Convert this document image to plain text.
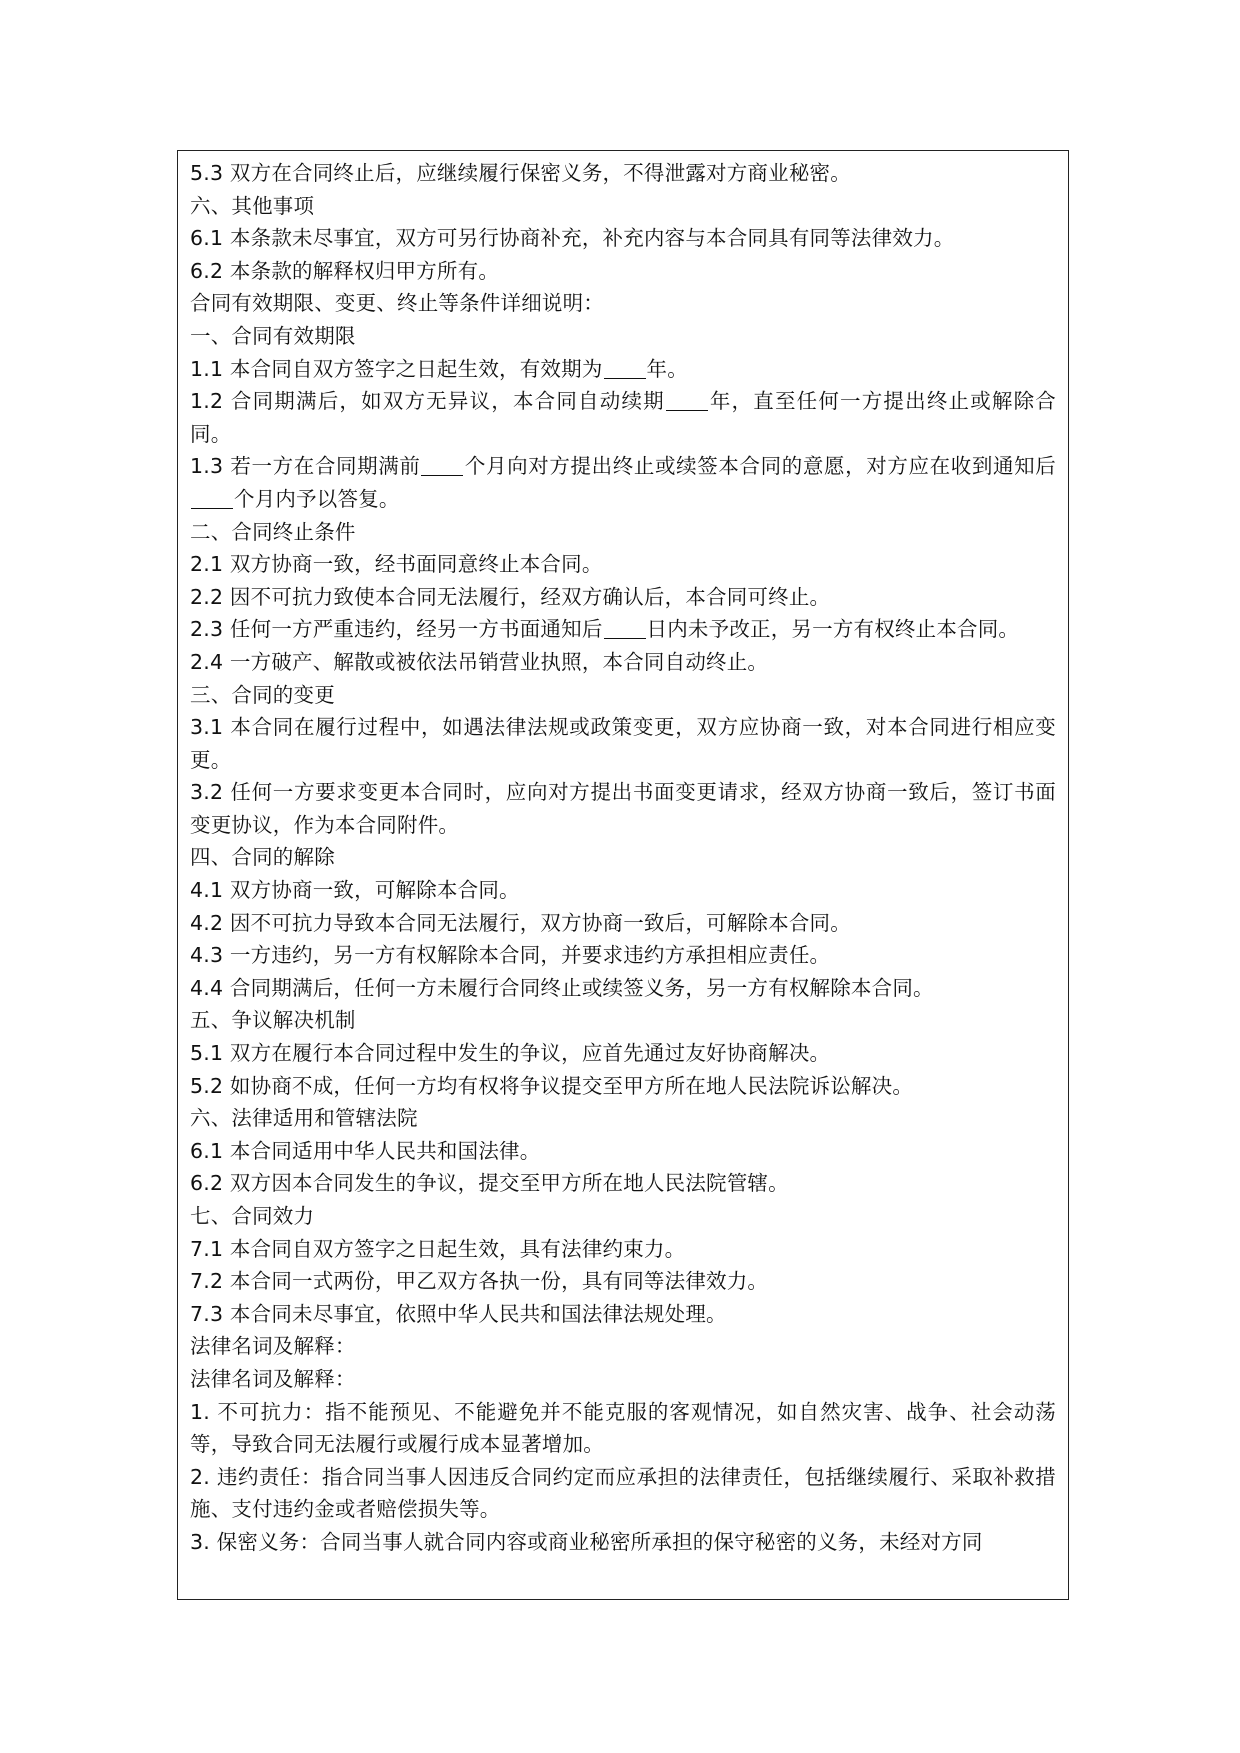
5.3 双方在合同终止后，应继续履行保密义务，不得泄露对方商业秘密。
六、其他事项
6.1 本条款未尽事宜，双方可另行协商补充，补充内容与本合同具有同等法律效力。
6.2 本条款的解释权归甲方所有。
合同有效期限、变更、终止等条件详细说明：
一、合同有效期限
1.1 本合同自双方签字之日起生效，有效期为 年。
1.2 合同期满后，如双方无异议，本合同自动续期 年，直至任何一方提出终止或解除合同。
1.3 若一方在合同期满前 个月向对方提出终止或续签本合同的意愿，对方应在收到通知后个月内予以答复。
二、合同终止条件
2.1 双方协商一致，经书面同意终止本合同。
2.2 因不可抗力致使本合同无法履行，经双方确认后，本合同可终止。
2.3 任何一方严重违约，经另一方书面通知后 日内未予改正，另一方有权终止本合同。
2.4 一方破产、解散或被依法吊销营业执照，本合同自动终止。
三、合同的变更
3.1 本合同在履行过程中，如遇法律法规或政策变更，双方应协商一致，对本合同进行相应变更。
3.2 任何一方要求变更本合同时，应向对方提出书面变更请求，经双方协商一致后，签订书面变更协议，作为本合同附件。
四、合同的解除
4.1 双方协商一致，可解除本合同。
4.2 因不可抗力导致本合同无法履行，双方协商一致后，可解除本合同。
4.3 一方违约，另一方有权解除本合同，并要求违约方承担相应责任。
4.4 合同期满后，任何一方未履行合同终止或续签义务，另一方有权解除本合同。
五、争议解决机制
5.1 双方在履行本合同过程中发生的争议，应首先通过友好协商解决。
5.2 如协商不成，任何一方均有权将争议提交至甲方所在地人民法院诉讼解决。
六、法律适用和管辖法院
6.1 本合同适用中华人民共和国法律。
6.2 双方因本合同发生的争议，提交至甲方所在地人民法院管辖。
七、合同效力
7.1 本合同自双方签字之日起生效，具有法律约束力。
7.2 本合同一式两份，甲乙双方各执一份，具有同等法律效力。
7.3 本合同未尽事宜，依照中华人民共和国法律法规处理。
法律名词及解释：
法律名词及解释：
1. 不可抗力：指不能预见、不能避免并不能克服的客观情况，如自然灾害、战争、社会动荡等，导致合同无法履行或履行成本显著增加。
2. 违约责任：指合同当事人因违反合同约定而应承担的法律责任，包括继续履行、采取补救措施、支付违约金或者赔偿损失等。
3. 保密义务：合同当事人就合同内容或商业秘密所承担的保守秘密的义务，未经对方同
